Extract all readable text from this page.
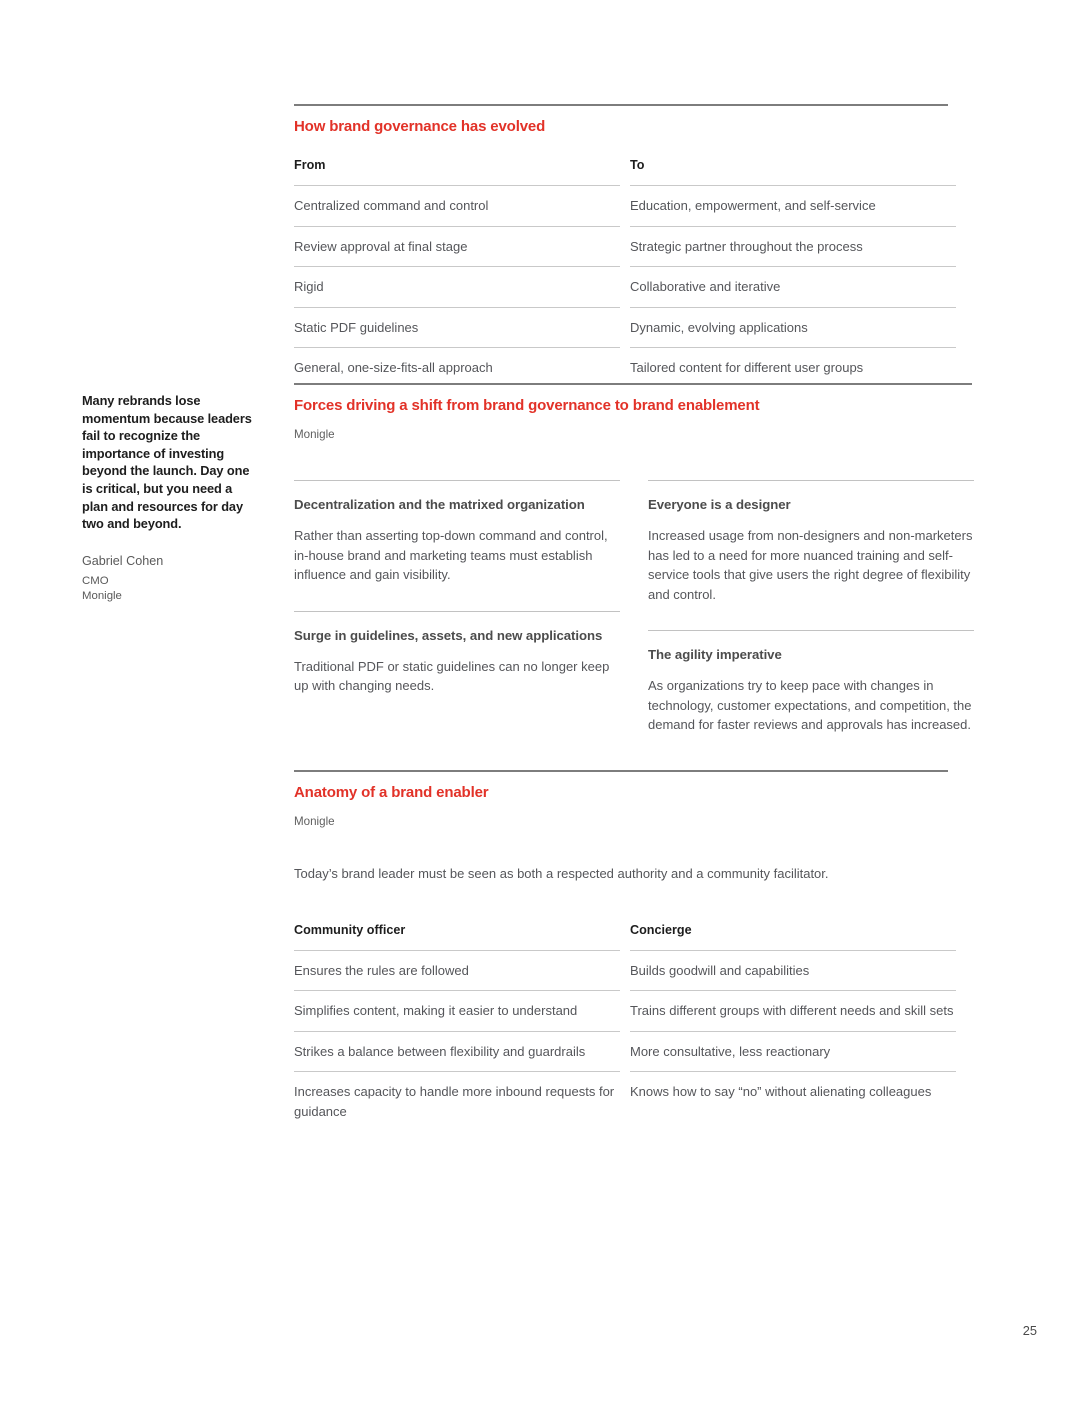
Many rebrands lose momentum because leaders fail to recognize the importance of investing beyond the launch. Day one is critical, but you need a plan and resources for day two and beyond.
Gabriel Cohen
CMO
Monigle
How brand governance has evolved
From
Centralized command and control
Review approval at final stage
Rigid
Static PDF guidelines
General, one-size-fits-all approach
To
Education, empowerment, and self-service
Strategic partner throughout the process
Collaborative and iterative
Dynamic, evolving applications
Tailored content for different user groups
Forces driving a shift from brand governance to brand enablement
Monigle
Decentralization and the matrixed organization
Rather than asserting top-down command and control, in-house brand and marketing teams must establish influence and gain visibility.
Surge in guidelines, assets, and new applications
Traditional PDF or static guidelines can no longer keep up with changing needs.
Everyone is a designer
Increased usage from non-designers and non-marketers has led to a need for more nuanced training and self-service tools that give users the right degree of flexibility and control.
The agility imperative
As organizations try to keep pace with changes in technology, customer expectations, and competition, the demand for faster reviews and approvals has increased.
Anatomy of a brand enabler
Monigle

Today’s brand leader must be seen as both a respected authority and a community facilitator.

Community officer
Ensures the rules are followed
Simplifies content, making it easier to understand
Strikes a balance between flexibility and guardrails
Increases capacity to handle more inbound requests for guidance
Concierge
Builds goodwill and capabilities
Trains different groups with different needs and skill sets
More consultative, less reactionary
Knows how to say “no” without alienating colleagues
25
